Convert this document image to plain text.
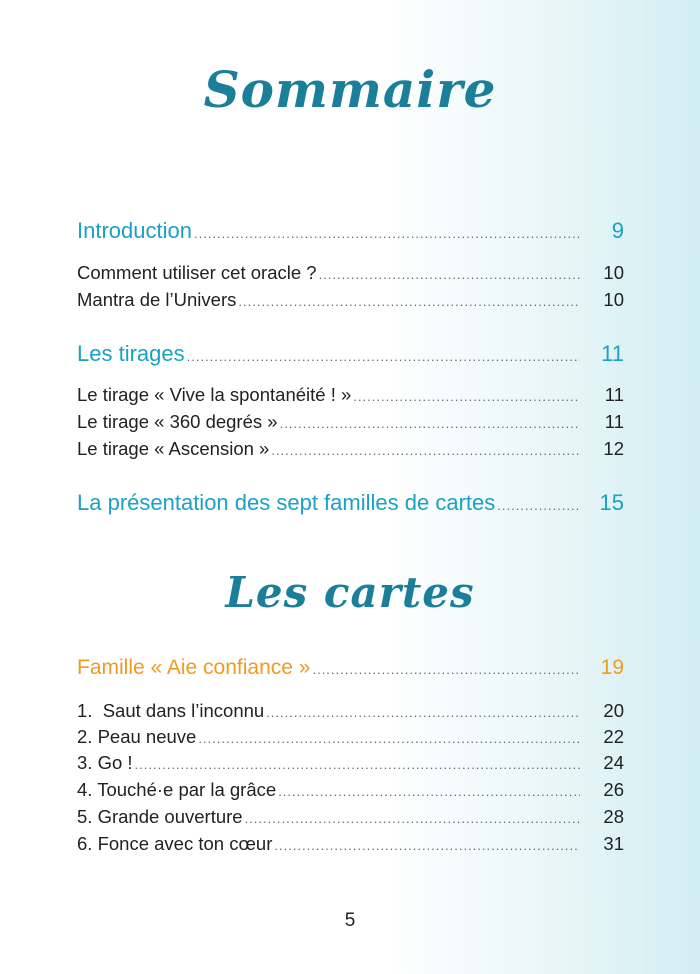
Sommaire
Introduction .....	9
Comment utiliser cet oracle ? .....	10
Mantra de l’Univers .....	10
Les tirages .....	11
Le tirage « Vive la spontanéité ! » .....	11
Le tirage « 360 degrés » .....	11
Le tirage « Ascension » .....	12
La présentation des sept familles de cartes .....	15
Les cartes
Famille « Aie confiance » .....	19
1.  Saut dans l’inconnu .....	20
2. Peau neuve .....	22
3. Go ! .....	24
4. Touché·e par la grâce .....	26
5. Grande ouverture .....	28
6. Fonce avec ton cœur .....	31
5
